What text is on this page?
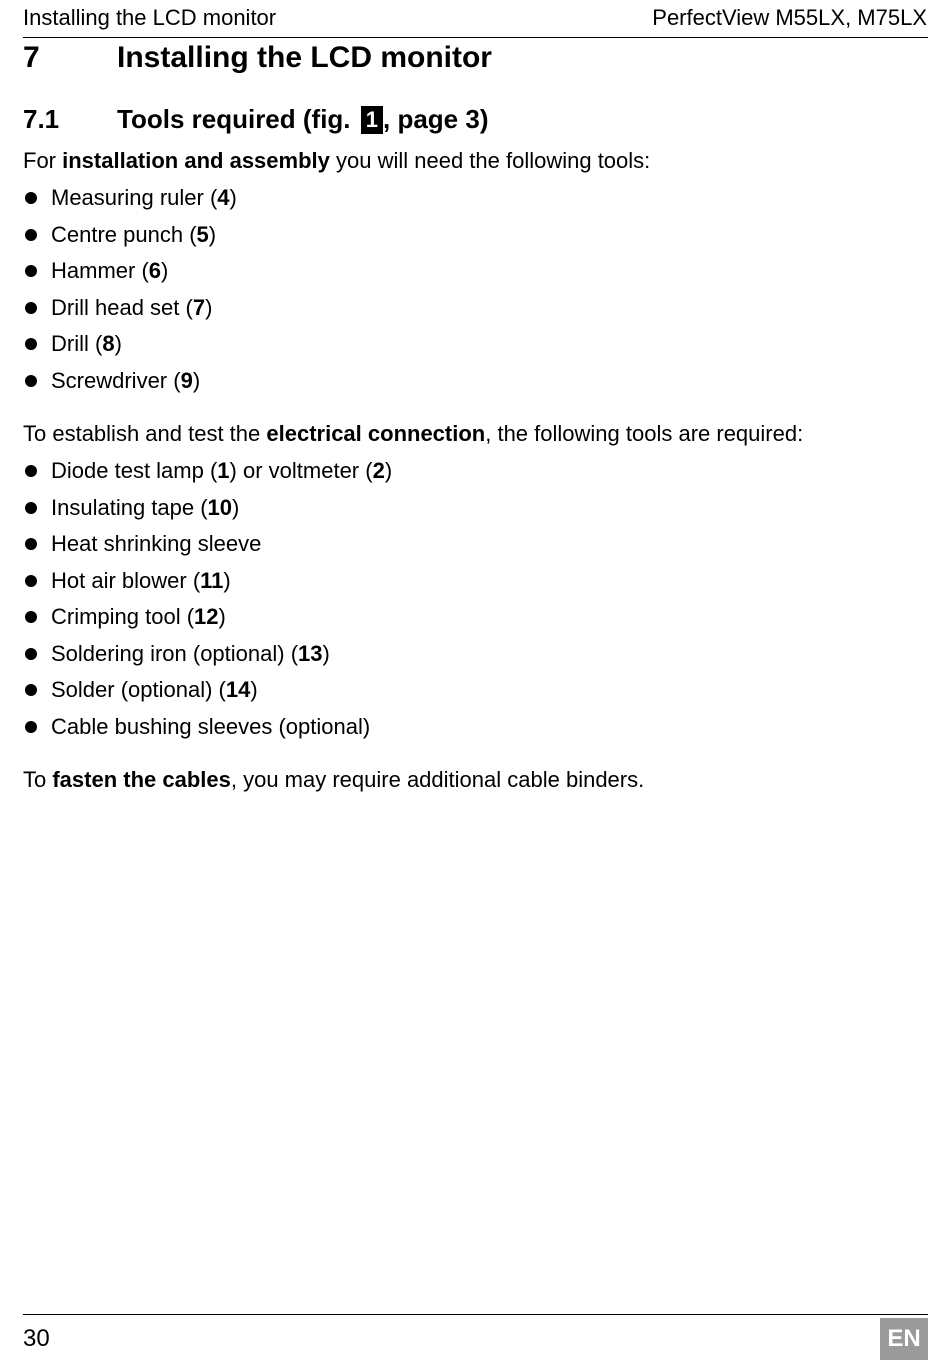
Installing the LCD monitor	PerfectView M55LX, M75LX
7	Installing the LCD monitor
7.1 Tools required (fig. 1 , page 3)
For installation and assembly you will need the following tools:
Measuring ruler (4)
Centre punch (5)
Hammer (6)
Drill head set (7)
Drill (8)
Screwdriver (9)
To establish and test the electrical connection, the following tools are required:
Diode test lamp (1) or voltmeter (2)
Insulating tape (10)
Heat shrinking sleeve
Hot air blower (11)
Crimping tool (12)
Soldering iron (optional) (13)
Solder (optional) (14)
Cable bushing sleeves (optional)
To fasten the cables, you may require additional cable binders.
30	EN
